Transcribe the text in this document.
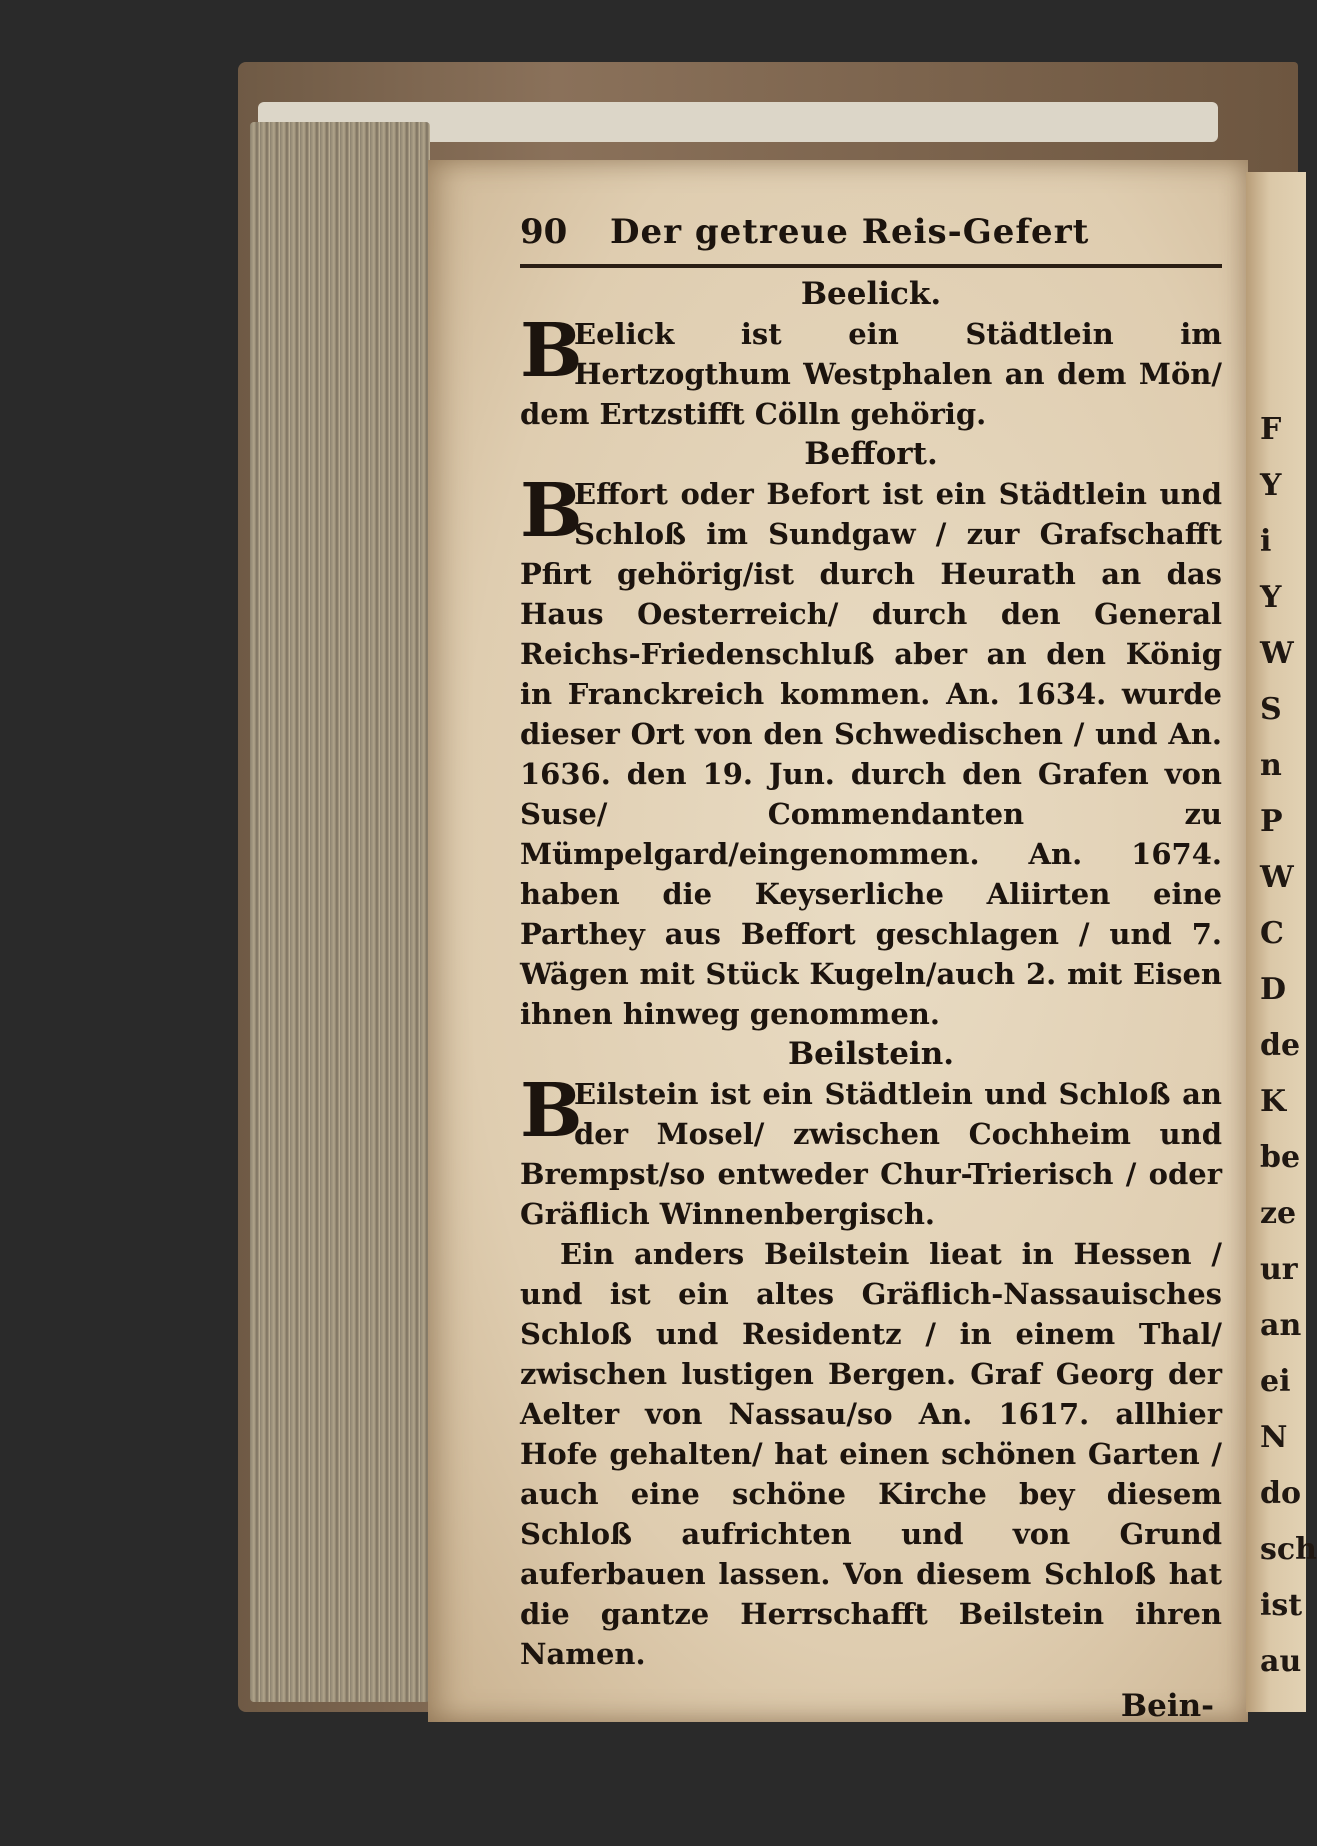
F
Y
i
Y
W
S
n
P
W
C
D
de
K
be
ze
ur
an
ei
N
do
sch
ist
au
90	Der getreue Reis-Gefert
Beelick.

B
Eelick ist ein Städtlein im Hertzogthum Westphalen an dem Mön/ dem Ertzstifft Cölln gehörig.

Beffort.

B
Effort oder Befort ist ein Städtlein und Schloß im Sundgaw / zur Grafschafft Pfirt gehörig/ist durch Heurath an das Haus Oesterreich/ durch den General Reichs-Friedenschluß aber an den König in Franckreich kommen. An. 1634. wurde dieser Ort von den Schwedischen / und An. 1636. den 19. Jun. durch den Grafen von Suse/ Commendanten zu Mümpelgard/eingenommen. An. 1674. haben die Keyserliche Aliirten eine Parthey aus Beffort geschlagen / und 7. Wägen mit Stück Kugeln/auch 2. mit Eisen ihnen hinweg genommen.

Beilstein.

B
Eilstein ist ein Städtlein und Schloß an der Mosel/ zwischen Cochheim und Brempst/so entweder Chur-Trierisch / oder Gräflich Winnenbergisch.

Ein anders Beilstein lieat in Hessen / und ist ein altes Gräflich-Nassauisches Schloß und Residentz / in einem Thal/ zwischen lustigen Bergen. Graf Georg der Aelter von Nassau/so An. 1617. allhier Hofe gehalten/ hat einen schönen Garten / auch eine schöne Kirche bey diesem Schloß aufrichten und von Grund auferbauen lassen. Von diesem Schloß hat die gantze Herrschafft Beilstein ihren Namen.

Bein-
